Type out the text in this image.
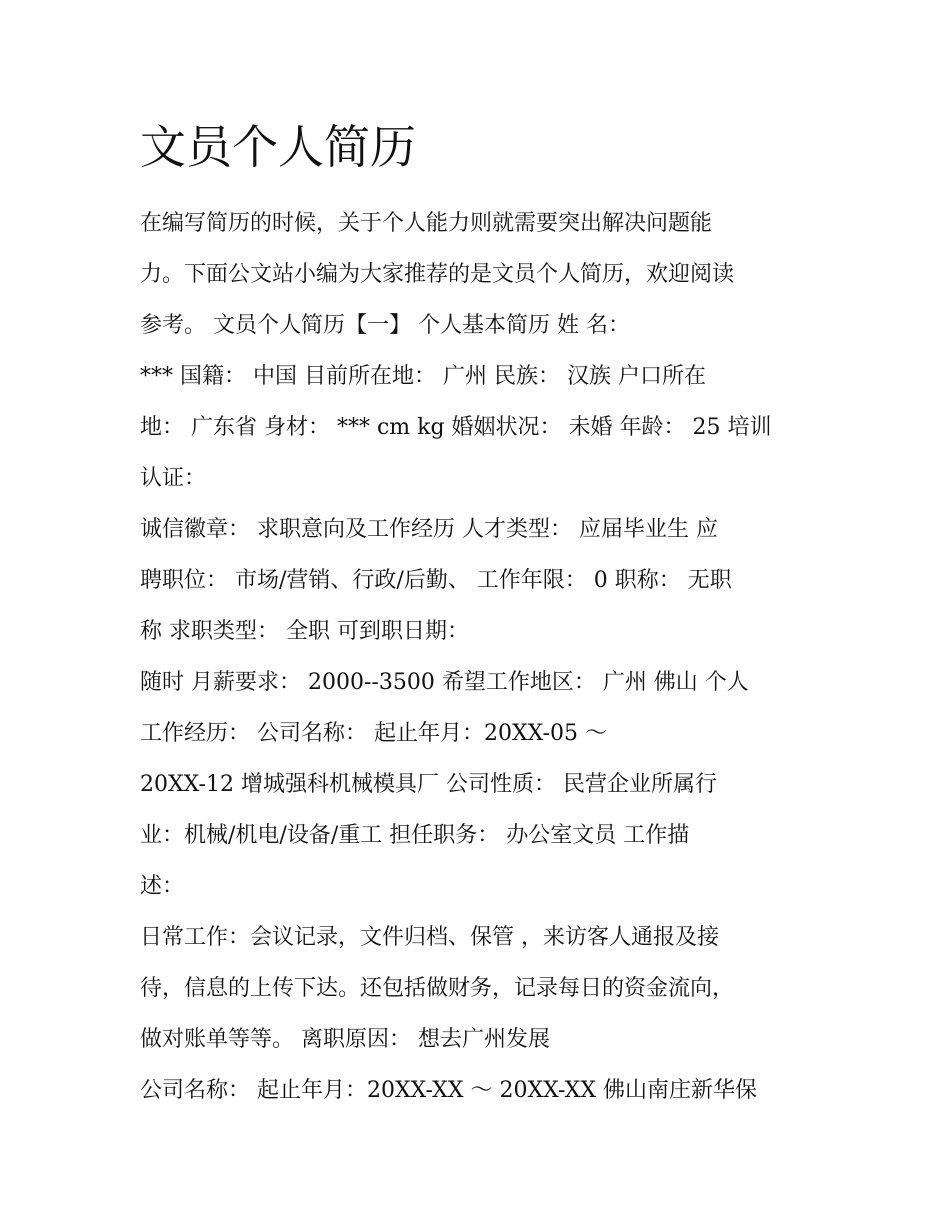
文员个人简历
在编写简历的时候，关于个人能力则就需要突出解决问题能
力。下面公文站小编为大家推荐的是文员个人简历，欢迎阅读
参考。 文员个人简历【一】 个人基本简历 姓 名：
*** 国籍： 中国 目前所在地： 广州 民族： 汉族 户口所在
地： 广东省 身材： *** cm kg 婚姻状况： 未婚 年龄： 25 培训
认证：
诚信徽章： 求职意向及工作经历 人才类型： 应届毕业生 应
聘职位： 市场/营销、行政/后勤、 工作年限： 0 职称： 无职
称 求职类型： 全职 可到职日期：
随时 月薪要求： 2000--3500 希望工作地区： 广州 佛山 个人
工作经历： 公司名称： 起止年月：20XX-05 ～
20XX-12 增城强科机械模具厂 公司性质： 民营企业所属行
业：机械/机电/设备/重工 担任职务： 办公室文员 工作描
述：
日常工作：会议记录，文件归档、保管 ，来访客人通报及接
待，信息的上传下达。还包括做财务，记录每日的资金流向，
做对账单等等。 离职原因： 想去广州发展
公司名称： 起止年月：20XX-XX ～ 20XX-XX 佛山南庄新华保
